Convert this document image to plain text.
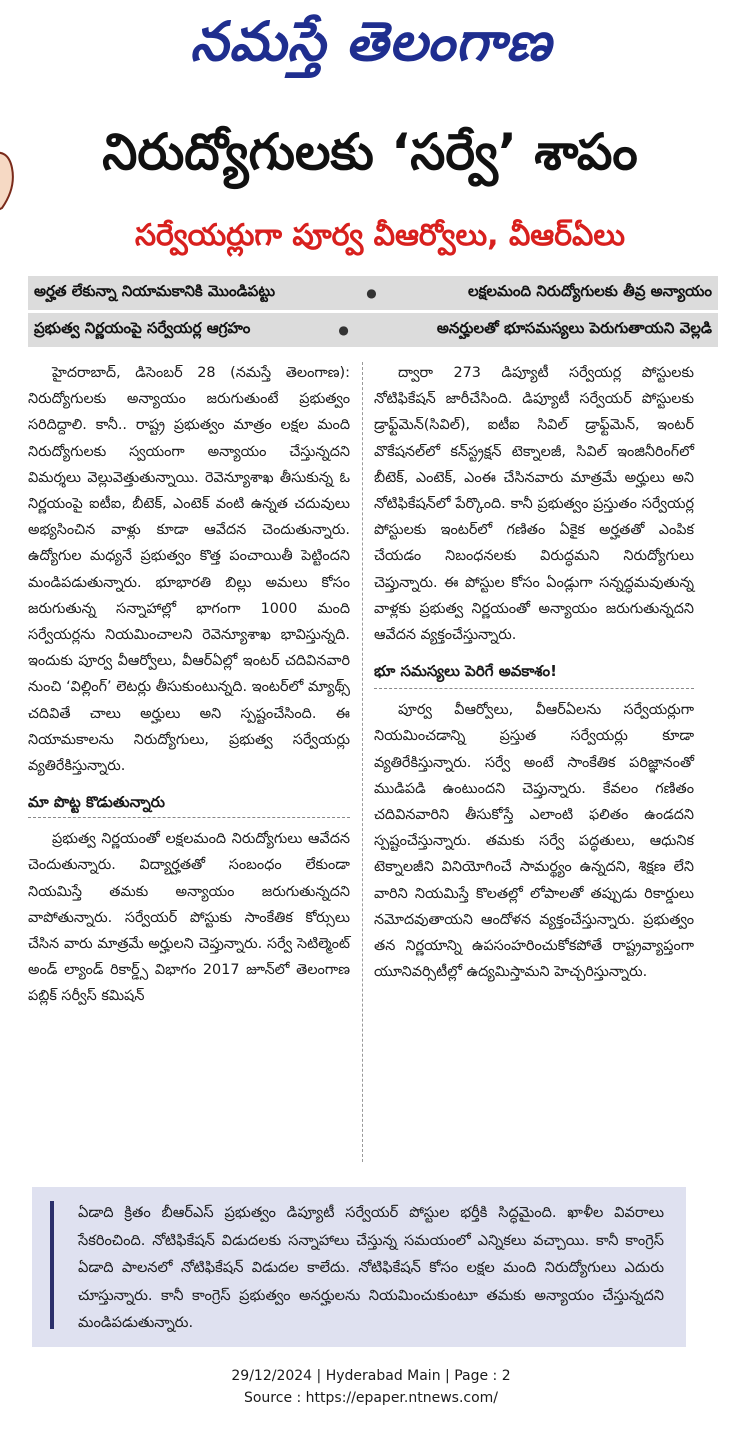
నమస్తే తెలంగాణ
నిరుద్యోగులకు ‘సర్వే’ శాపం
సర్వేయర్లుగా పూర్వ వీఆర్వోలు, వీఆర్‌ఏలు
అర్హత లేకున్నా నియామకానికి మొండిపట్టు	●	లక్షలమంది నిరుద్యోగులకు తీవ్ర అన్యాయం
ప్రభుత్వ నిర్ణయంపై సర్వేయర్ల ఆగ్రహం	●	అనర్హులతో భూసమస్యలు పెరుగుతాయని వెల్లడి

హైదరాబాద్, డిసెంబర్ 28 (నమస్తే తెలంగాణ): నిరుద్యోగులకు అన్యాయం జరుగుతుంటే ప్రభుత్వం సరిదిద్దాలి. కానీ.. రాష్ట్ర ప్రభుత్వం మాత్రం లక్షల మంది నిరుద్యోగులకు స్వయంగా అన్యాయం చేస్తున్నదని విమర్శలు వెల్లువెత్తుతున్నాయి. రెవెన్యూశాఖ తీసుకున్న ఓ నిర్ణయంపై ఐటీఐ, బీటెక్, ఎంటెక్ వంటి ఉన్నత చదువులు అభ్యసించిన వాళ్లు కూడా ఆవేదన చెందుతున్నారు. ఉద్యోగుల మధ్యనే ప్రభుత్వం కొత్త పంచాయితీ పెట్టిందని మండిపడుతున్నారు. భూభారతి బిల్లు అమలు కోసం జరుగుతున్న సన్నాహాల్లో భాగంగా 1000 మంది సర్వేయర్లను నియమించాలని రెవెన్యూశాఖ భావిస్తున్నది. ఇందుకు పూర్వ వీఆర్వోలు, వీఆర్‌ఏల్లో ఇంటర్ చదివినవారి నుంచి ‘విల్లింగ్’ లెటర్లు తీసుకుంటున్నది. ఇంటర్‌లో మ్యాథ్స్ చదివితే చాలు అర్హులు అని స్పష్టంచేసింది. ఈ నియామకాలను నిరుద్యోగులు, ప్రభుత్వ సర్వేయర్లు వ్యతిరేకిస్తున్నారు.

మా పొట్ట కొడుతున్నారు

ప్రభుత్వ నిర్ణయంతో లక్షలమంది నిరుద్యోగులు ఆవేదన చెందుతున్నారు. విద్యార్హతతో సంబంధం లేకుండా నియమిస్తే తమకు అన్యాయం జరుగుతున్నదని వాపోతున్నారు. సర్వేయర్ పోస్టుకు సాంకేతిక కోర్సులు చేసిన వారు మాత్రమే అర్హులని చెప్తున్నారు. సర్వే సెటిల్మెంట్ అండ్ ల్యాండ్ రికార్డ్స్ విభాగం 2017 జూన్‌లో తెలంగాణ పబ్లిక్ సర్వీస్ కమిషన్

ద్వారా 273 డిప్యూటీ సర్వేయర్ల పోస్టులకు నోటిఫికేషన్ జారీచేసింది. డిప్యూటీ సర్వేయర్ పోస్టులకు డ్రాఫ్ట్‌మెన్(సివిల్), ఐటీఐ సివిల్ డ్రాఫ్ట్‌మెన్, ఇంటర్ వొకేషనల్‌లో కన్‌స్ట్రక్షన్ టెక్నాలజీ, సివిల్ ఇంజినీరింగ్‌లో బీటెక్, ఎంటెక్, ఎంఈ చేసినవారు మాత్రమే అర్హులు అని నోటిఫికేషన్‌లో పేర్కొంది. కానీ ప్రభుత్వం ప్రస్తుతం సర్వేయర్ల పోస్టులకు ఇంటర్‌లో గణితం ఏకైక అర్హతతో ఎంపిక చేయడం నిబంధనలకు విరుద్ధమని నిరుద్యోగులు చెప్తున్నారు. ఈ పోస్టుల కోసం ఏండ్లుగా సన్నద్ధమవుతున్న వాళ్లకు ప్రభుత్వ నిర్ణయంతో అన్యాయం జరుగుతున్నదని ఆవేదన వ్యక్తంచేస్తున్నారు.

భూ సమస్యలు పెరిగే అవకాశం!

పూర్వ వీఆర్వోలు, వీఆర్‌ఏలను సర్వేయర్లుగా నియమించడాన్ని ప్రస్తుత సర్వేయర్లు కూడా వ్యతిరేకిస్తున్నారు. సర్వే అంటే సాంకేతిక పరిజ్ఞానంతో ముడిపడి ఉంటుందని చెప్తున్నారు. కేవలం గణితం చదివినవారిని తీసుకోస్తే ఎలాంటి ఫలితం ఉండదని స్పష్టంచేస్తున్నారు. తమకు సర్వే పద్ధతులు, ఆధునిక టెక్నాలజీని వినియోగించే సామర్థ్యం ఉన్నదని, శిక్షణ లేని వారిని నియమిస్తే కొలతల్లో లోపాలతో తప్పుడు రికార్డులు నమోదవుతాయని ఆందోళన వ్యక్తంచేస్తున్నారు. ప్రభుత్వం తన నిర్ణయాన్ని ఉపసంహరించుకోకపోతే రాష్ట్రవ్యాప్తంగా యూనివర్సిటీల్లో ఉద్యమిస్తామని హెచ్చరిస్తున్నారు.

ఏడాది క్రితం బీఆర్‌ఎస్ ప్రభుత్వం డిప్యూటీ సర్వేయర్ పోస్టుల భర్తీకి సిద్ధమైంది. ఖాళీల వివరాలు సేకరించింది. నోటిఫికేషన్ విడుదలకు సన్నాహాలు చేస్తున్న సమయంలో ఎన్నికలు వచ్చాయి. కానీ కాంగ్రెస్ ఏడాది పాలనలో నోటిఫికేషన్ విడుదల కాలేదు. నోటిఫికేషన్ కోసం లక్షల మంది నిరుద్యోగులు ఎదురు చూస్తున్నారు. కానీ కాంగ్రెస్ ప్రభుత్వం అనర్హులను నియమించుకుంటూ తమకు అన్యాయం చేస్తున్నదని మండిపడుతున్నారు.

29/12/2024 | Hyderabad Main | Page : 2
Source : https://epaper.ntnews.com/
